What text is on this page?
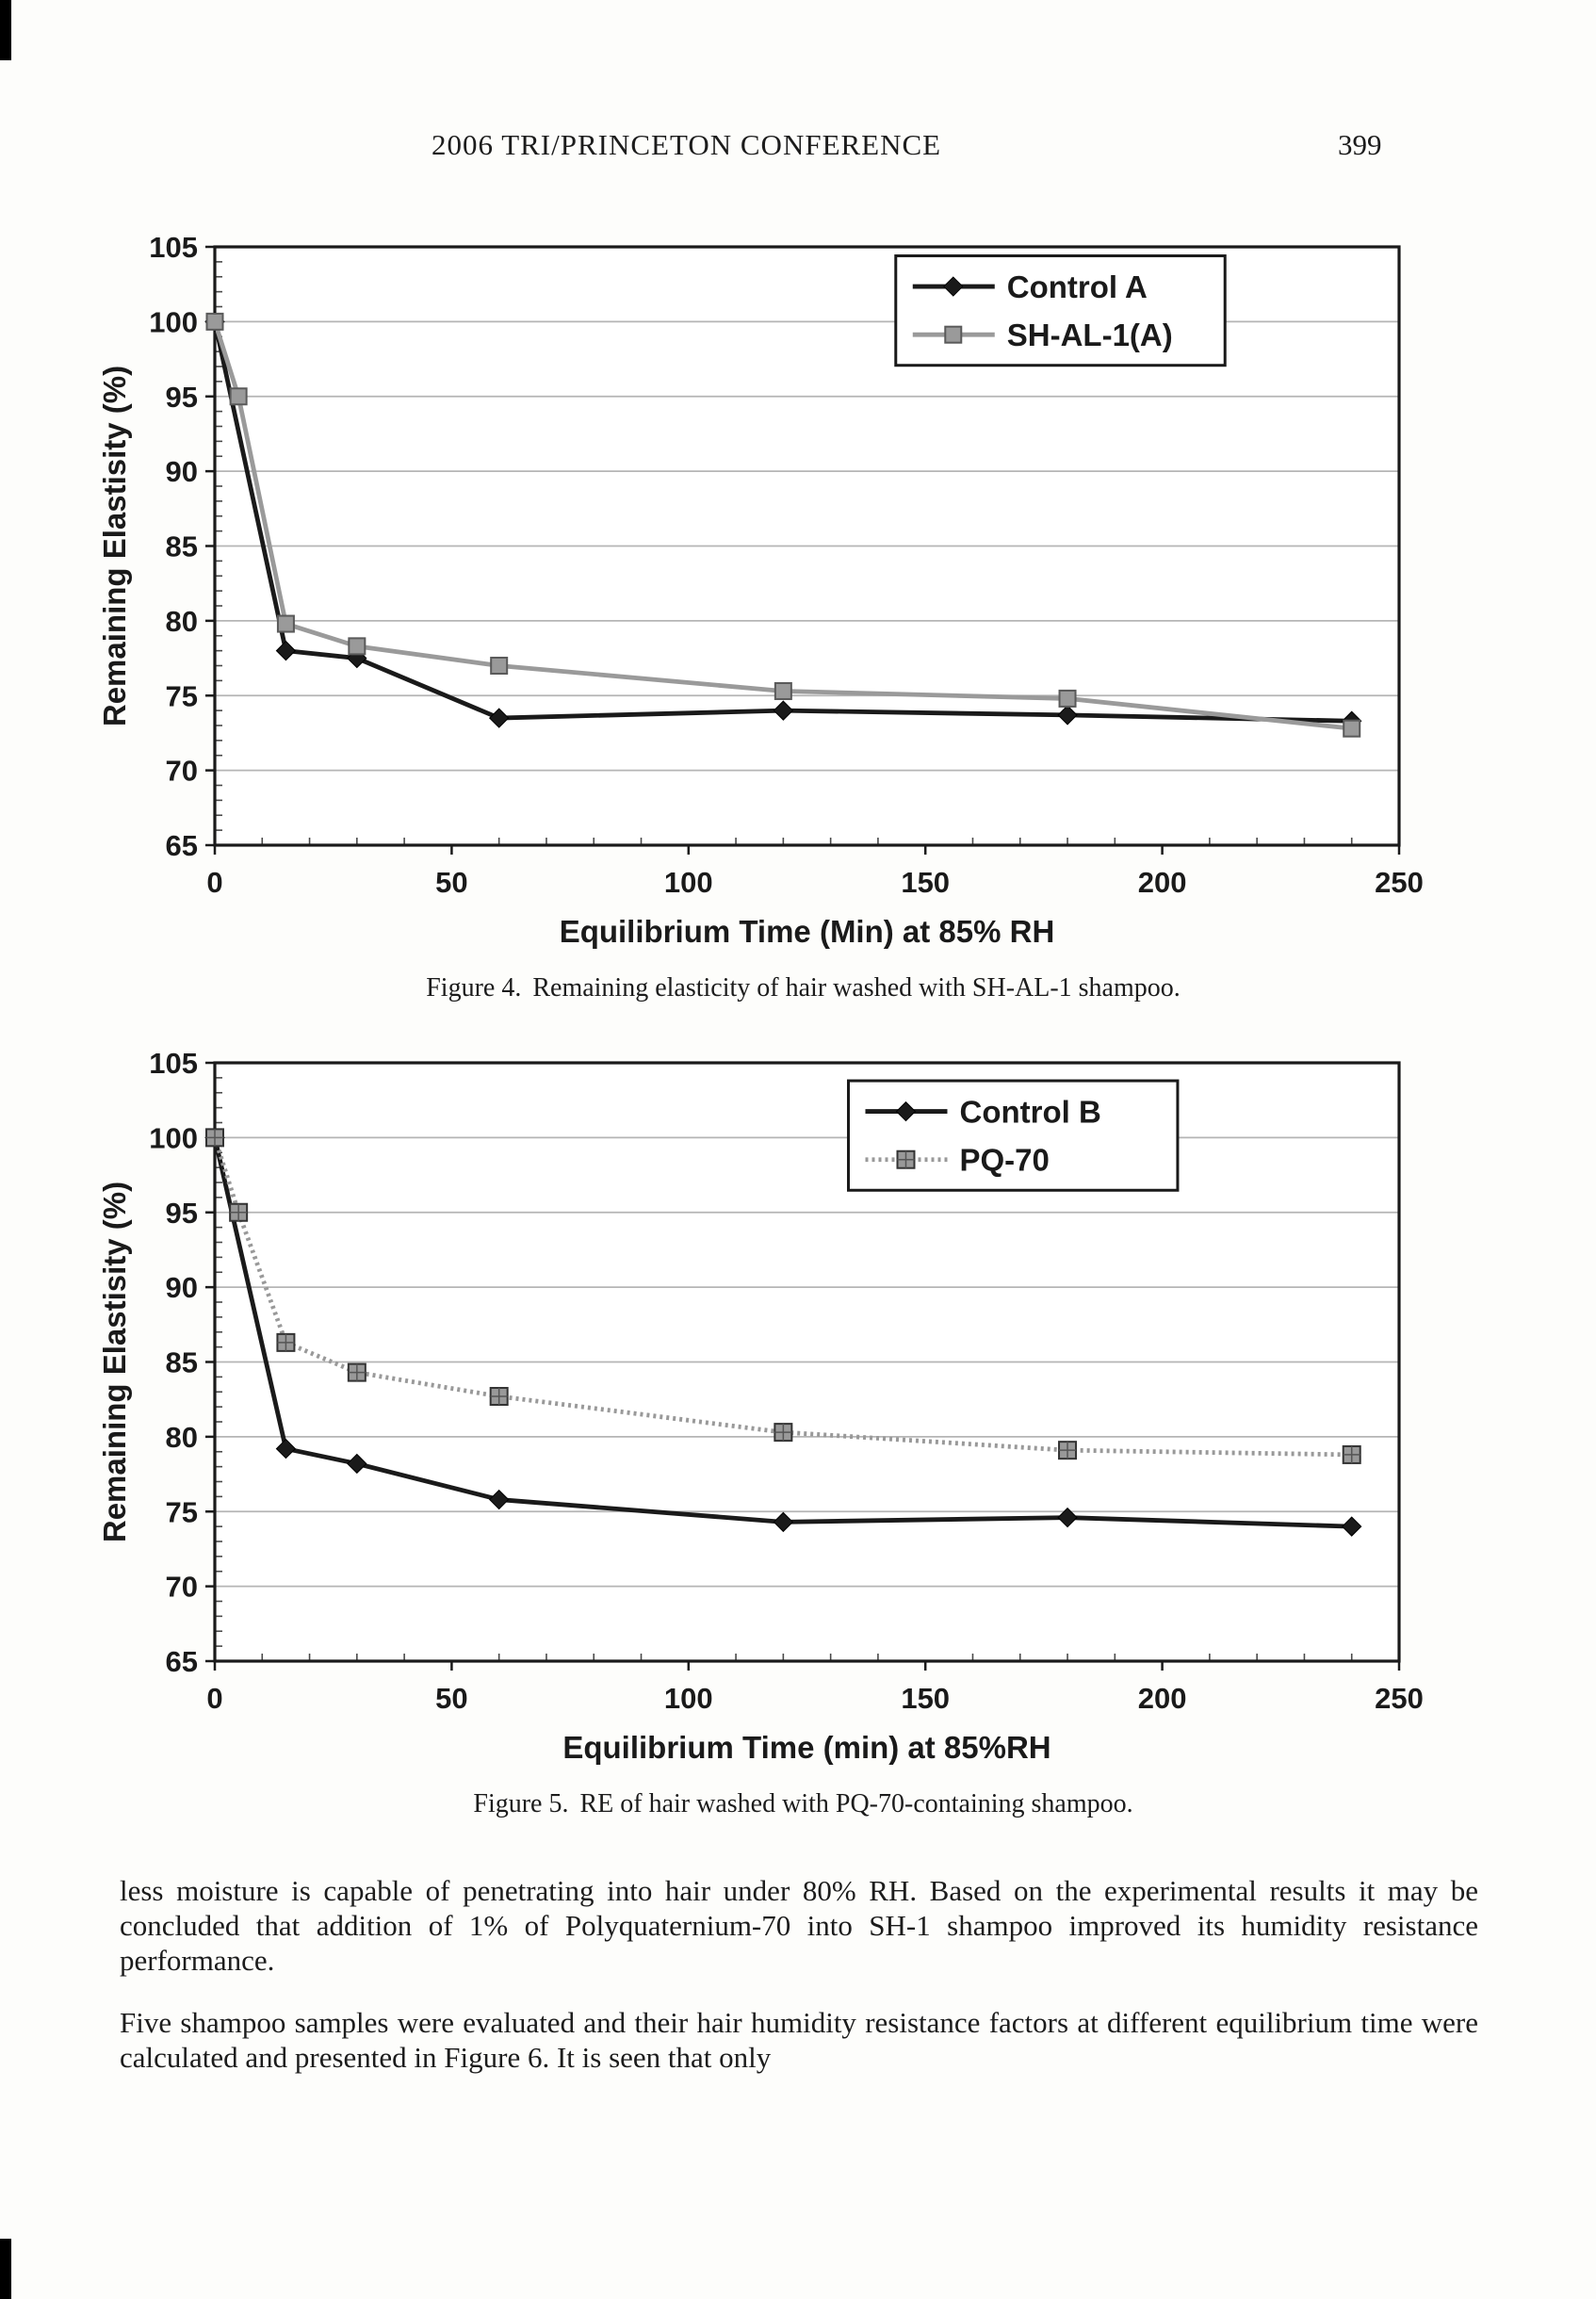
2006 TRI/PRINCETON CONFERENCE	399
65
70
75
80
85
90
95
100
105
0	50	100	150	200	250
Equilibrium Time (Min) at 85% RH
Remaining Elastisity (%)
Control A
SH-AL-1(A)
Figure 4. Remaining elasticity of hair washed with SH-AL-1 shampoo.
65
70
75
80
85
90
95
100
105
0	50	100	150	200	250
Equilibrium Time (min) at 85%RH
Remaining Elastisity (%)
Control B
PQ-70
Figure 5. RE of hair washed with PQ-70-containing shampoo.

less moisture is capable of penetrating into hair under 80% RH. Based on the experimental results it may be concluded that addition of 1% of Polyquaternium-70 into SH-1 shampoo improved its humidity resistance performance.

Five shampoo samples were evaluated and their hair humidity resistance factors at different equilibrium time were calculated and presented in Figure 6. It is seen that only
